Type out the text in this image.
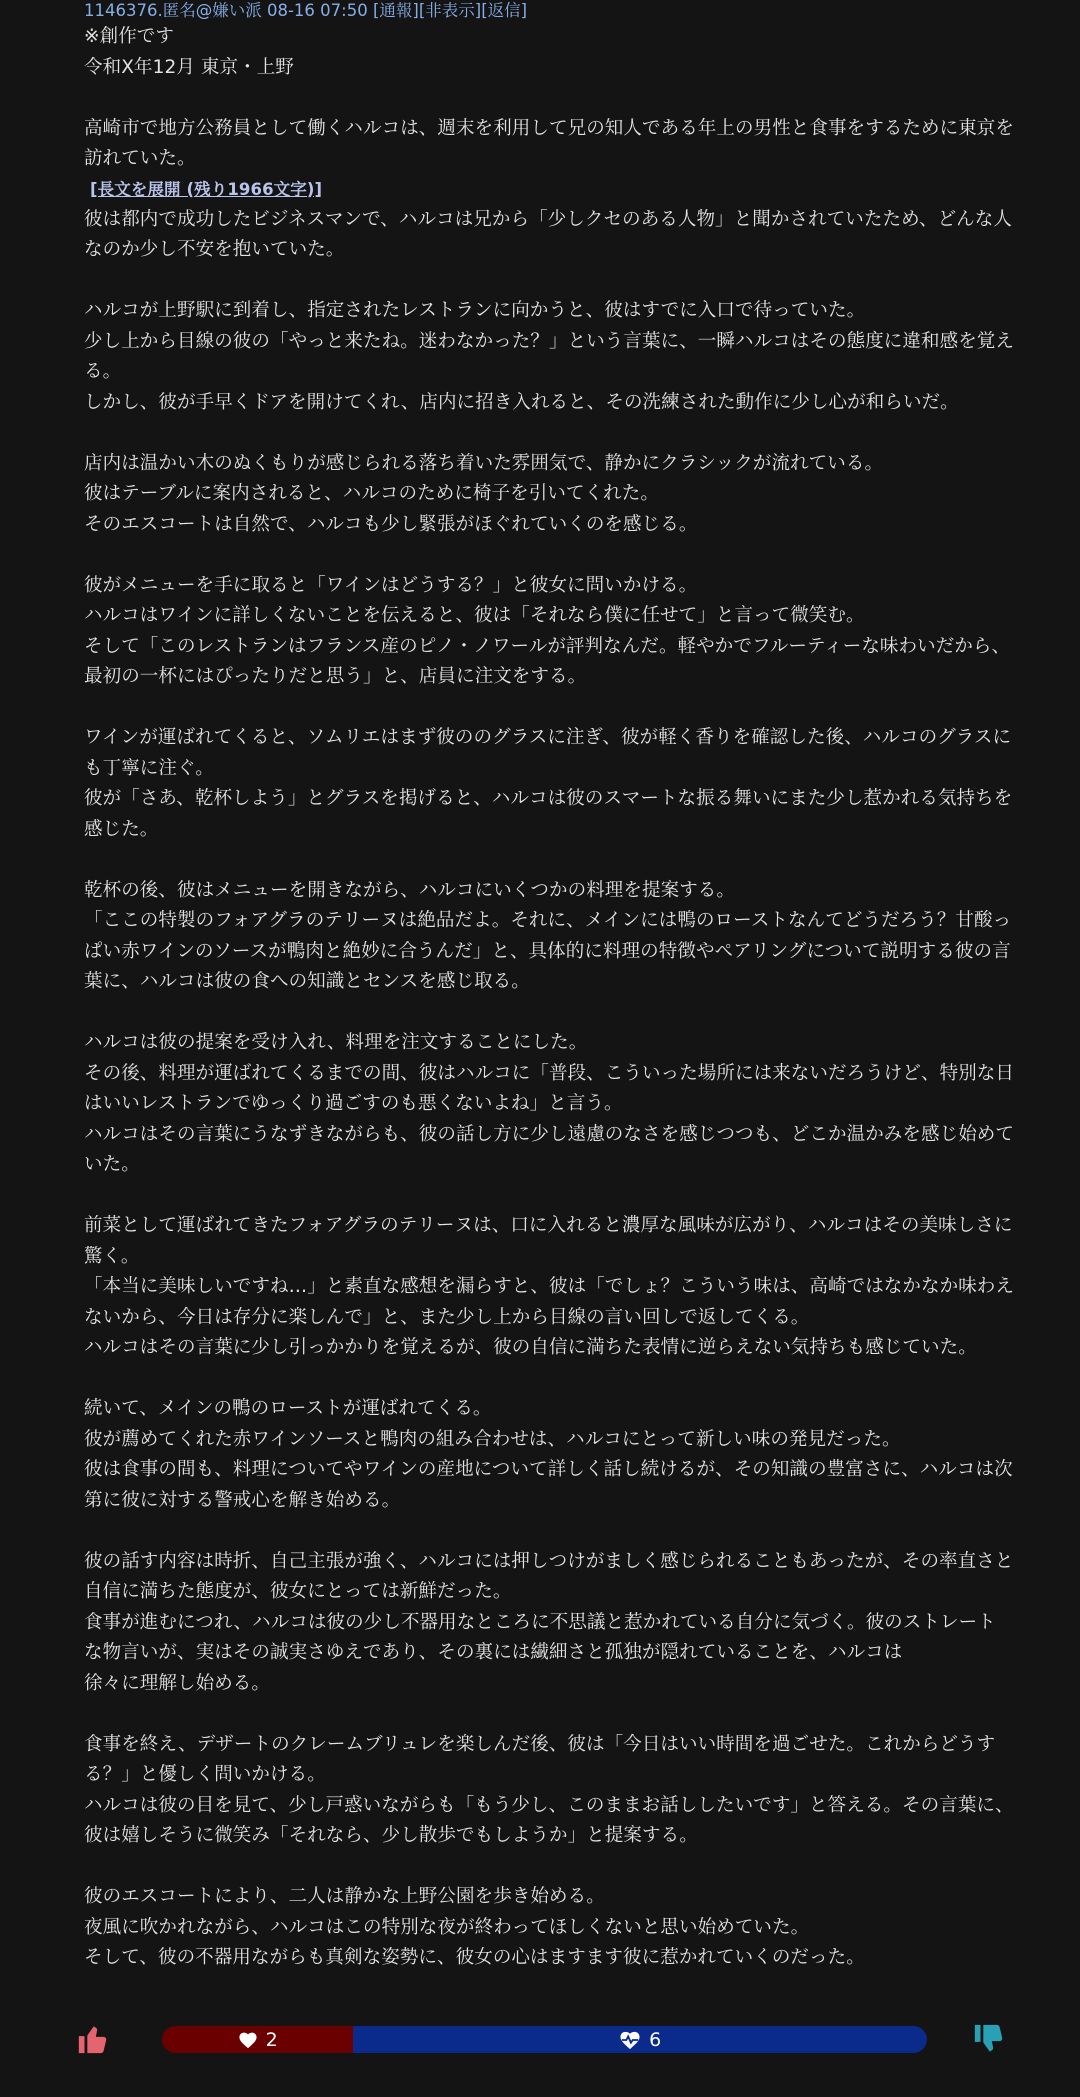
1146376.匿名@嫌い派 08-16 07:50 [通報][非表示][返信]

※創作です

令和X年12月 東京・上野

高崎市で地方公務員として働くハルコは、週末を利用して兄の知人である年上の男性と食事をするために東京を訪れていた。

[長文を展開 (残り1966文字)]

彼は都内で成功したビジネスマンで、ハルコは兄から「少しクセのある人物」と聞かされていたため、どんな人なのか少し不安を抱いていた。

ハルコが上野駅に到着し、指定されたレストランに向かうと、彼はすでに入口で待っていた。

少し上から目線の彼の「やっと来たね。迷わなかった？」という言葉に、一瞬ハルコはその態度に違和感を覚える。

しかし、彼が手早くドアを開けてくれ、店内に招き入れると、その洗練された動作に少し心が和らいだ。

店内は温かい木のぬくもりが感じられる落ち着いた雰囲気で、静かにクラシックが流れている。

彼はテーブルに案内されると、ハルコのために椅子を引いてくれた。

そのエスコートは自然で、ハルコも少し緊張がほぐれていくのを感じる。

彼がメニューを手に取ると「ワインはどうする？」と彼女に問いかける。

ハルコはワインに詳しくないことを伝えると、彼は「それなら僕に任せて」と言って微笑む。

そして「このレストランはフランス産のピノ・ノワールが評判なんだ。軽やかでフルーティーな味わいだから、最初の一杯にはぴったりだと思う」と、店員に注文をする。

ワインが運ばれてくると、ソムリエはまず彼ののグラスに注ぎ、彼が軽く香りを確認した後、ハルコのグラスにも丁寧に注ぐ。

彼が「さあ、乾杯しよう」とグラスを掲げると、ハルコは彼のスマートな振る舞いにまた少し惹かれる気持ちを感じた。

乾杯の後、彼はメニューを開きながら、ハルコにいくつかの料理を提案する。

「ここの特製のフォアグラのテリーヌは絶品だよ。それに、メインには鴨のローストなんてどうだろう？甘酸っぱい赤ワインのソースが鴨肉と絶妙に合うんだ」と、具体的に料理の特徴やペアリングについて説明する彼の言葉に、ハルコは彼の食への知識とセンスを感じ取る。

ハルコは彼の提案を受け入れ、料理を注文することにした。

その後、料理が運ばれてくるまでの間、彼はハルコに「普段、こういった場所には来ないだろうけど、特別な日はいいレストランでゆっくり過ごすのも悪くないよね」と言う。

ハルコはその言葉にうなずきながらも、彼の話し方に少し遠慮のなさを感じつつも、どこか温かみを感じ始めていた。

前菜として運ばれてきたフォアグラのテリーヌは、口に入れると濃厚な風味が広がり、ハルコはその美味しさに驚く。

「本当に美味しいですね…」と素直な感想を漏らすと、彼は「でしょ？こういう味は、高崎ではなかなか味わえないから、今日は存分に楽しんで」と、また少し上から目線の言い回しで返してくる。

ハルコはその言葉に少し引っかかりを覚えるが、彼の自信に満ちた表情に逆らえない気持ちも感じていた。

続いて、メインの鴨のローストが運ばれてくる。

彼が薦めてくれた赤ワインソースと鴨肉の組み合わせは、ハルコにとって新しい味の発見だった。

彼は食事の間も、料理についてやワインの産地について詳しく話し続けるが、その知識の豊富さに、ハルコは次第に彼に対する警戒心を解き始める。

彼の話す内容は時折、自己主張が強く、ハルコには押しつけがましく感じられることもあったが、その率直さと自信に満ちた態度が、彼女にとっては新鮮だった。

食事が進むにつれ、ハルコは彼の少し不器用なところに不思議と惹かれている自分に気づく。彼のストレートな物言いが、実はその誠実さゆえであり、その裏には繊細さと孤独が隠れていることを、ハルコは
徐々に理解し始める。

食事を終え、デザートのクレームブリュレを楽しんだ後、彼は「今日はいい時間を過ごせた。これからどうする？」と優しく問いかける。

ハルコは彼の目を見て、少し戸惑いながらも「もう少し、このままお話ししたいです」と答える。その言葉に、彼は嬉しそうに微笑み「それなら、少し散歩でもしようか」と提案する。

彼のエスコートにより、二人は静かな上野公園を歩き始める。

夜風に吹かれながら、ハルコはこの特別な夜が終わってほしくないと思い始めていた。

そして、彼の不器用ながらも真剣な姿勢に、彼女の心はますます彼に惹かれていくのだった。

2	6
